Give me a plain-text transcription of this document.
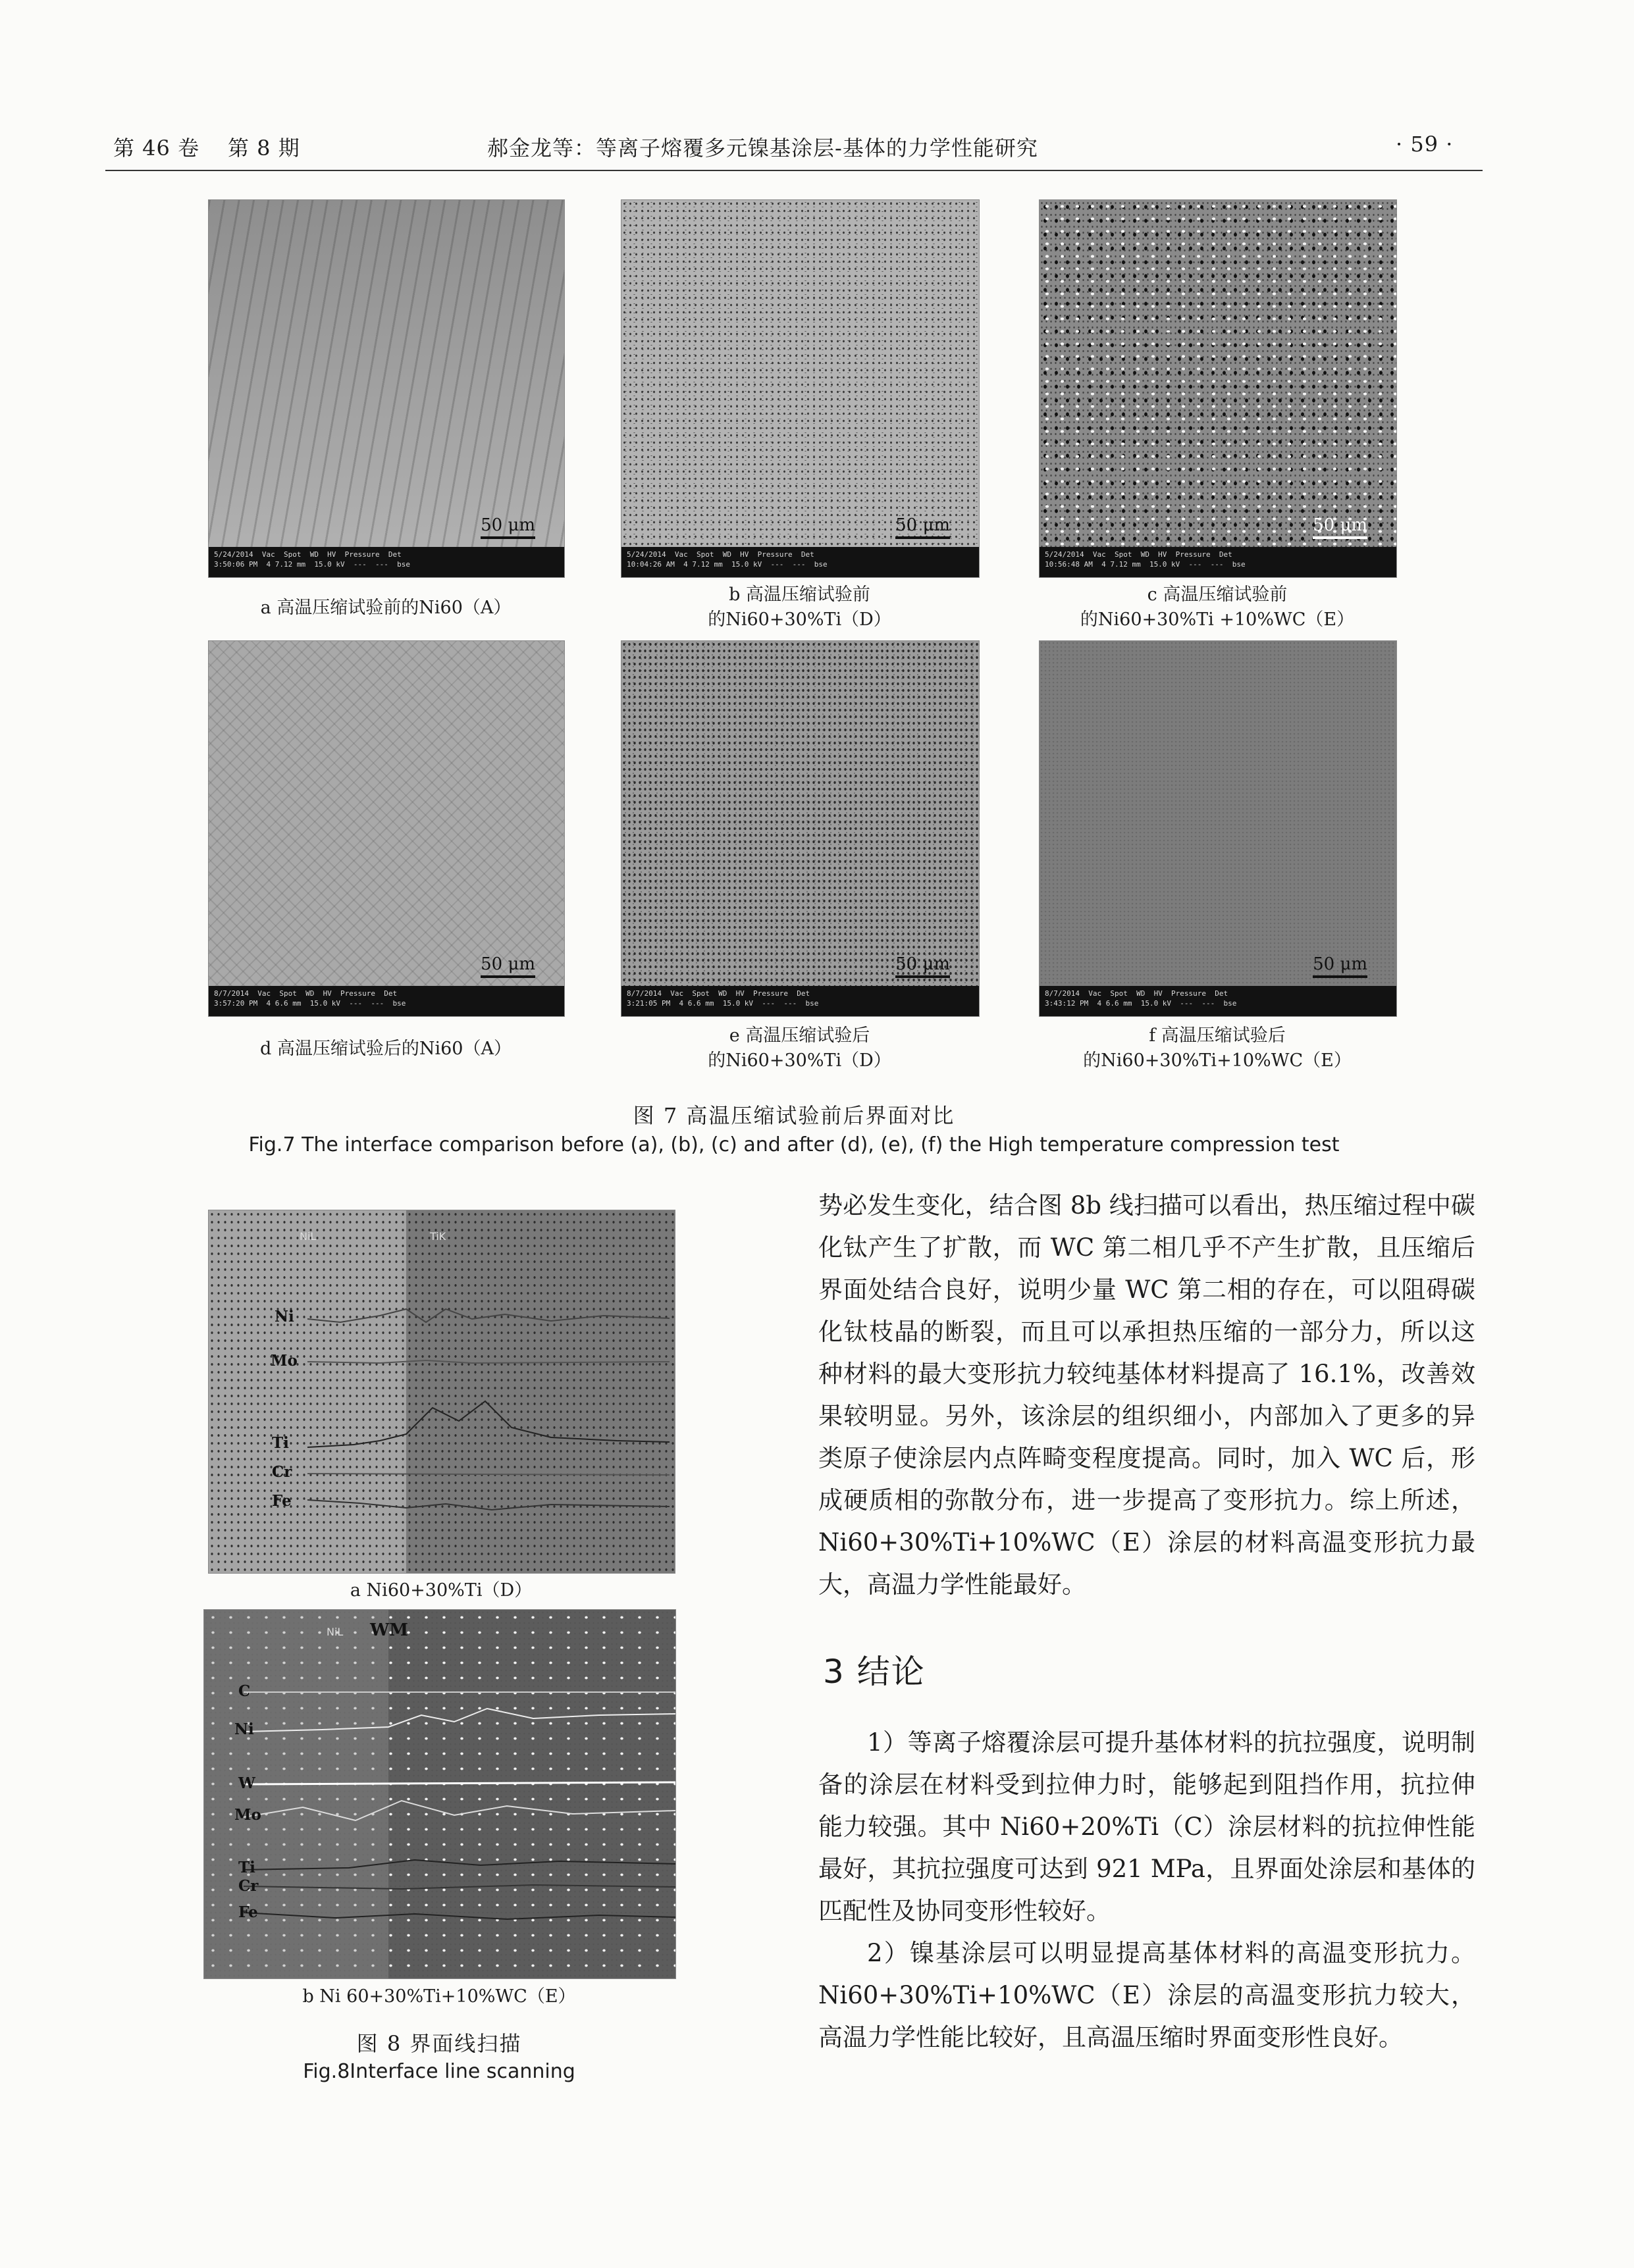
第 46 卷 第 8 期	郝金龙等：等离子熔覆多元镍基涂层-基体的力学性能研究	· 59 ·
50 μm
5/24/2014  Vac  Spot  WD  HV  Pressure  Det
3:50:06 PM  4 7.12 mm  15.0 kV  ---  ---  bse
50 μm
5/24/2014  Vac  Spot  WD  HV  Pressure  Det
10:04:26 AM  4 7.12 mm  15.0 kV  ---  ---  bse
50 μm
5/24/2014  Vac  Spot  WD  HV  Pressure  Det
10:56:48 AM  4 7.12 mm  15.0 kV  ---  ---  bse
a 高温压缩试验前的Ni60（A）
b 高温压缩试验前
的Ni60+30%Ti（D）
c 高温压缩试验前
的Ni60+30%Ti +10%WC（E）
50 μm
8/7/2014  Vac  Spot  WD  HV  Pressure  Det
3:57:20 PM  4 6.6 mm  15.0 kV  ---  ---  bse
50 μm
8/7/2014  Vac  Spot  WD  HV  Pressure  Det
3:21:05 PM  4 6.6 mm  15.0 kV  ---  ---  bse
50 μm
8/7/2014  Vac  Spot  WD  HV  Pressure  Det
3:43:12 PM  4 6.6 mm  15.0 kV  ---  ---  bse
d 高温压缩试验后的Ni60（A）
e 高温压缩试验后
的Ni60+30%Ti（D）
f 高温压缩试验后
的Ni60+30%Ti+10%WC（E）
图 7 高温压缩试验前后界面对比
Fig.7 The interface comparison before (a), (b), (c) and after (d), (e), (f) the High temperature compression test
NiL	TiK
Ni
Mo
Ti
Cr
Fe
a Ni60+30%Ti（D）
NiL WM
C
Ni
W
Mo
Ti
Cr
Fe
b Ni 60+30%Ti+10%WC（E）
图 8 界面线扫描
Fig.8Interface line scanning
势必发生变化，结合图 8b 线扫描可以看出，热压缩过程中碳化钛产生了扩散，而 WC 第二相几乎不产生扩散，且压缩后界面处结合良好，说明少量 WC 第二相的存在，可以阻碍碳化钛枝晶的断裂，而且可以承担热压缩的一部分力，所以这种材料的最大变形抗力较纯基体材料提高了 16.1%，改善效果较明显。另外，该涂层的组织细小，内部加入了更多的异类原子使涂层内点阵畸变程度提高。同时，加入 WC 后，形成硬质相的弥散分布，进一步提高了变形抗力。综上所述，Ni60+30%Ti+10%WC（E）涂层的材料高温变形抗力最大，高温力学性能最好。
3 结论
1）等离子熔覆涂层可提升基体材料的抗拉强度，说明制备的涂层在材料受到拉伸力时，能够起到阻挡作用，抗拉伸能力较强。其中 Ni60+20%Ti（C）涂层材料的抗拉伸性能最好，其抗拉强度可达到 921 MPa，且界面处涂层和基体的匹配性及协同变形性较好。
2）镍基涂层可以明显提高基体材料的高温变形抗力。Ni60+30%Ti+10%WC（E）涂层的高温变形抗力较大，高温力学性能比较好，且高温压缩时界面变形性良好。
